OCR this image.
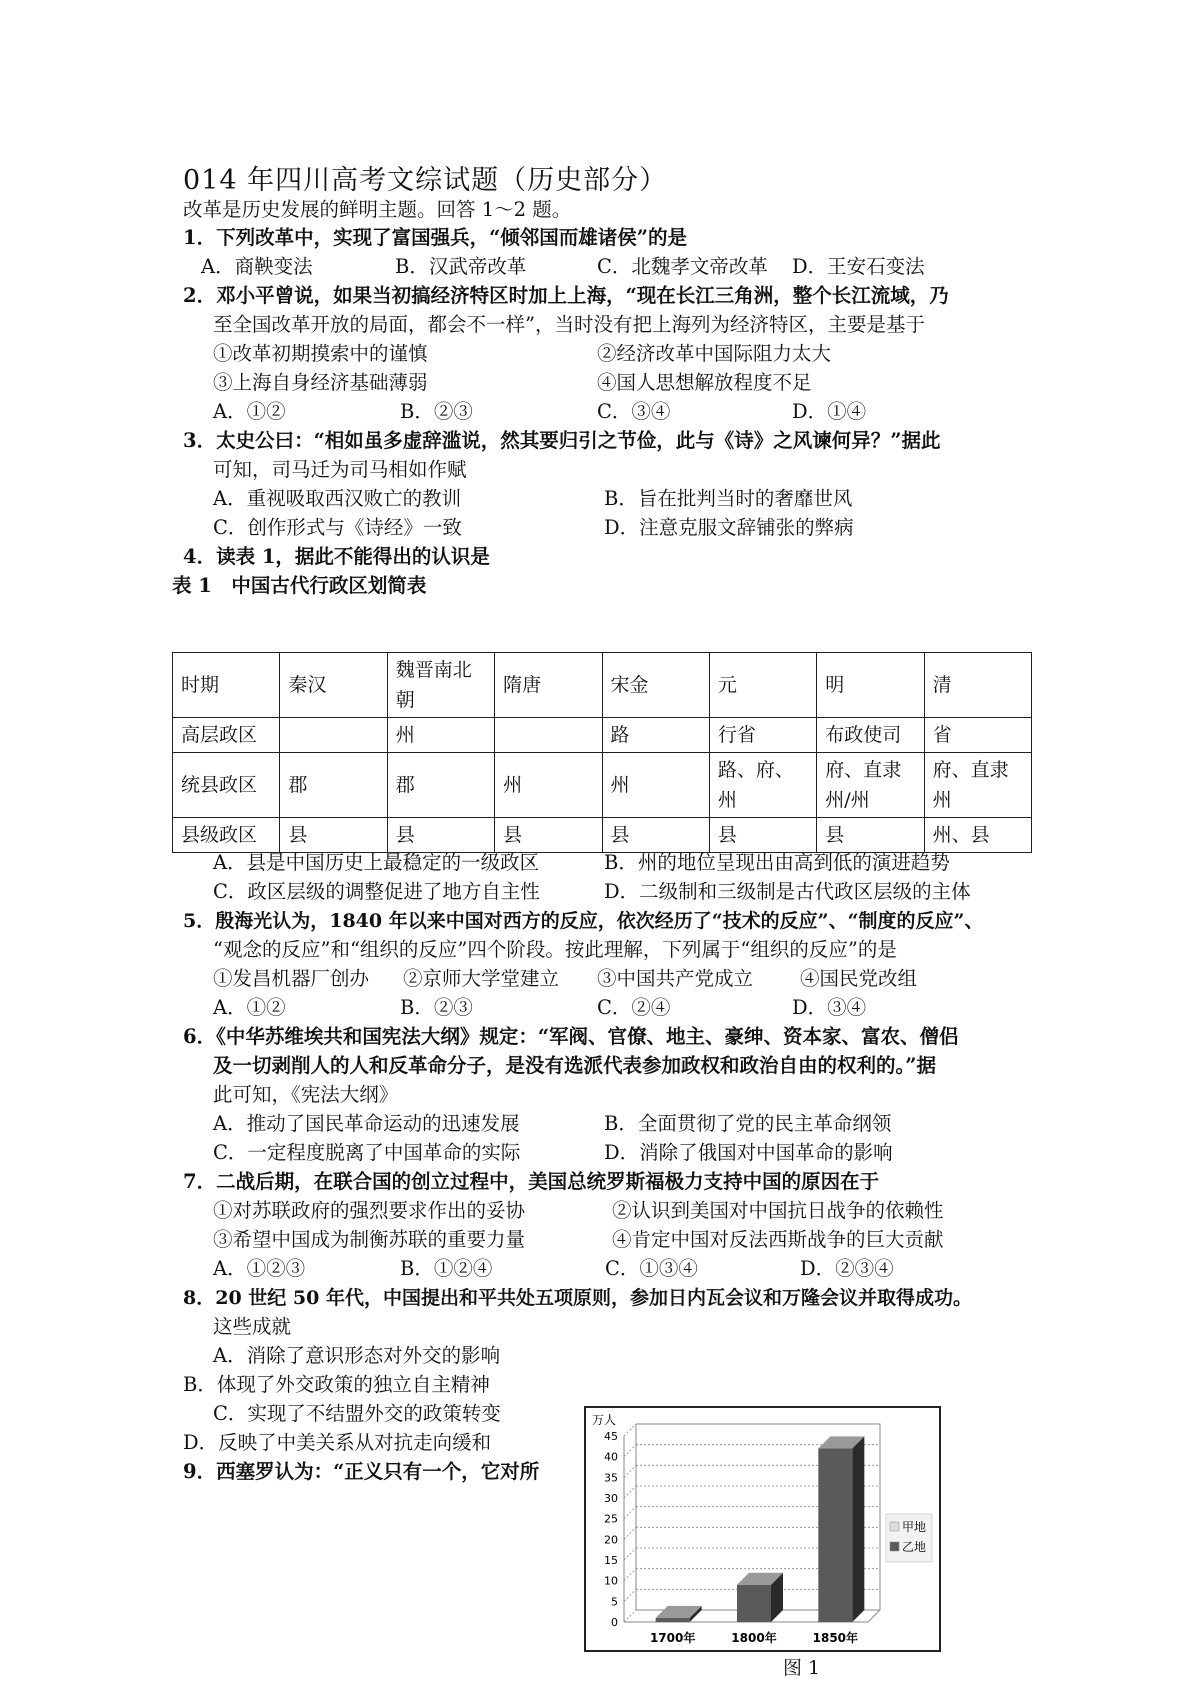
014 年四川高考文综试题（历史部分）
改革是历史发展的鲜明主题。回答 1～2 题。
1．下列改革中，实现了富国强兵，“倾邻国而雄诸侯”的是
A．商鞅变法	B．汉武帝改革	C．北魏孝文帝改革 D．王安石变法
2．邓小平曾说，如果当初搞经济特区时加上上海，“现在长江三角洲，整个长江流域，乃
至全国改革开放的局面，都会不一样”，当时没有把上海列为经济特区，主要是基于
①改革初期摸索中的谨慎	②经济改革中国际阻力太大
③上海自身经济基础薄弱	④国人思想解放程度不足
A．①②	B．②③	C．③④	D．①④
3．太史公曰：“相如虽多虚辞滥说，然其要归引之节俭，此与《诗》之风谏何异？”据此
可知，司马迁为司马相如作赋
A．重视吸取西汉败亡的教训	B．旨在批判当时的奢靡世风
C．创作形式与《诗经》一致	D．注意克服文辞铺张的弊病
4．读表 1，据此不能得出的认识是
表 1　中国古代行政区划简表
时期	秦汉	魏晋南北朝	隋唐	宋金	元	明	清
高层政区		州		路	行省	布政使司	省
统县政区	郡	郡	州	州	路、府、州	府、直隶州/州	府、直隶州
县级政区	县	县	县	县	县	县	州、县
A．县是中国历史上最稳定的一级政区	B．州的地位呈现出由高到低的演进趋势
C．政区层级的调整促进了地方自主性	D．二级制和三级制是古代政区层级的主体
5．殷海光认为，1840 年以来中国对西方的反应，依次经历了“技术的反应”、“制度的反应”、
“观念的反应”和“组织的反应”四个阶段。按此理解，下列属于“组织的反应”的是
①发昌机器厂创办 ②京师大学堂建立 ③中国共产党成立 ④国民党改组
A．①②	B．②③	C．②④	D．③④
6．《中华苏维埃共和国宪法大纲》规定：“军阀、官僚、地主、豪绅、资本家、富农、僧侣
及一切剥削人的人和反革命分子，是没有选派代表参加政权和政治自由的权利的。”据
此可知，《宪法大纲》
A．推动了国民革命运动的迅速发展	B．全面贯彻了党的民主革命纲领
C．一定程度脱离了中国革命的实际	D．消除了俄国对中国革命的影响
7．二战后期，在联合国的创立过程中，美国总统罗斯福极力支持中国的原因在于
①对苏联政府的强烈要求作出的妥协	②认识到美国对中国抗日战争的依赖性
③希望中国成为制衡苏联的重要力量	④肯定中国对反法西斯战争的巨大贡献
A．①②③	B．①②④	C．①③④	D．②③④
8．20 世纪 50 年代，中国提出和平共处五项原则，参加日内瓦会议和万隆会议并取得成功。
这些成就
A．消除了意识形态对外交的影响
B．体现了外交政策的独立自主精神
C．实现了不结盟外交的政策转变
D．反映了中美关系从对抗走向缓和
9．西塞罗认为：“正义只有一个，它对所
万人
0
5
10
15
20
25
30
35
40
45
1700年	1800年	1850年
甲地
乙地
图 1
